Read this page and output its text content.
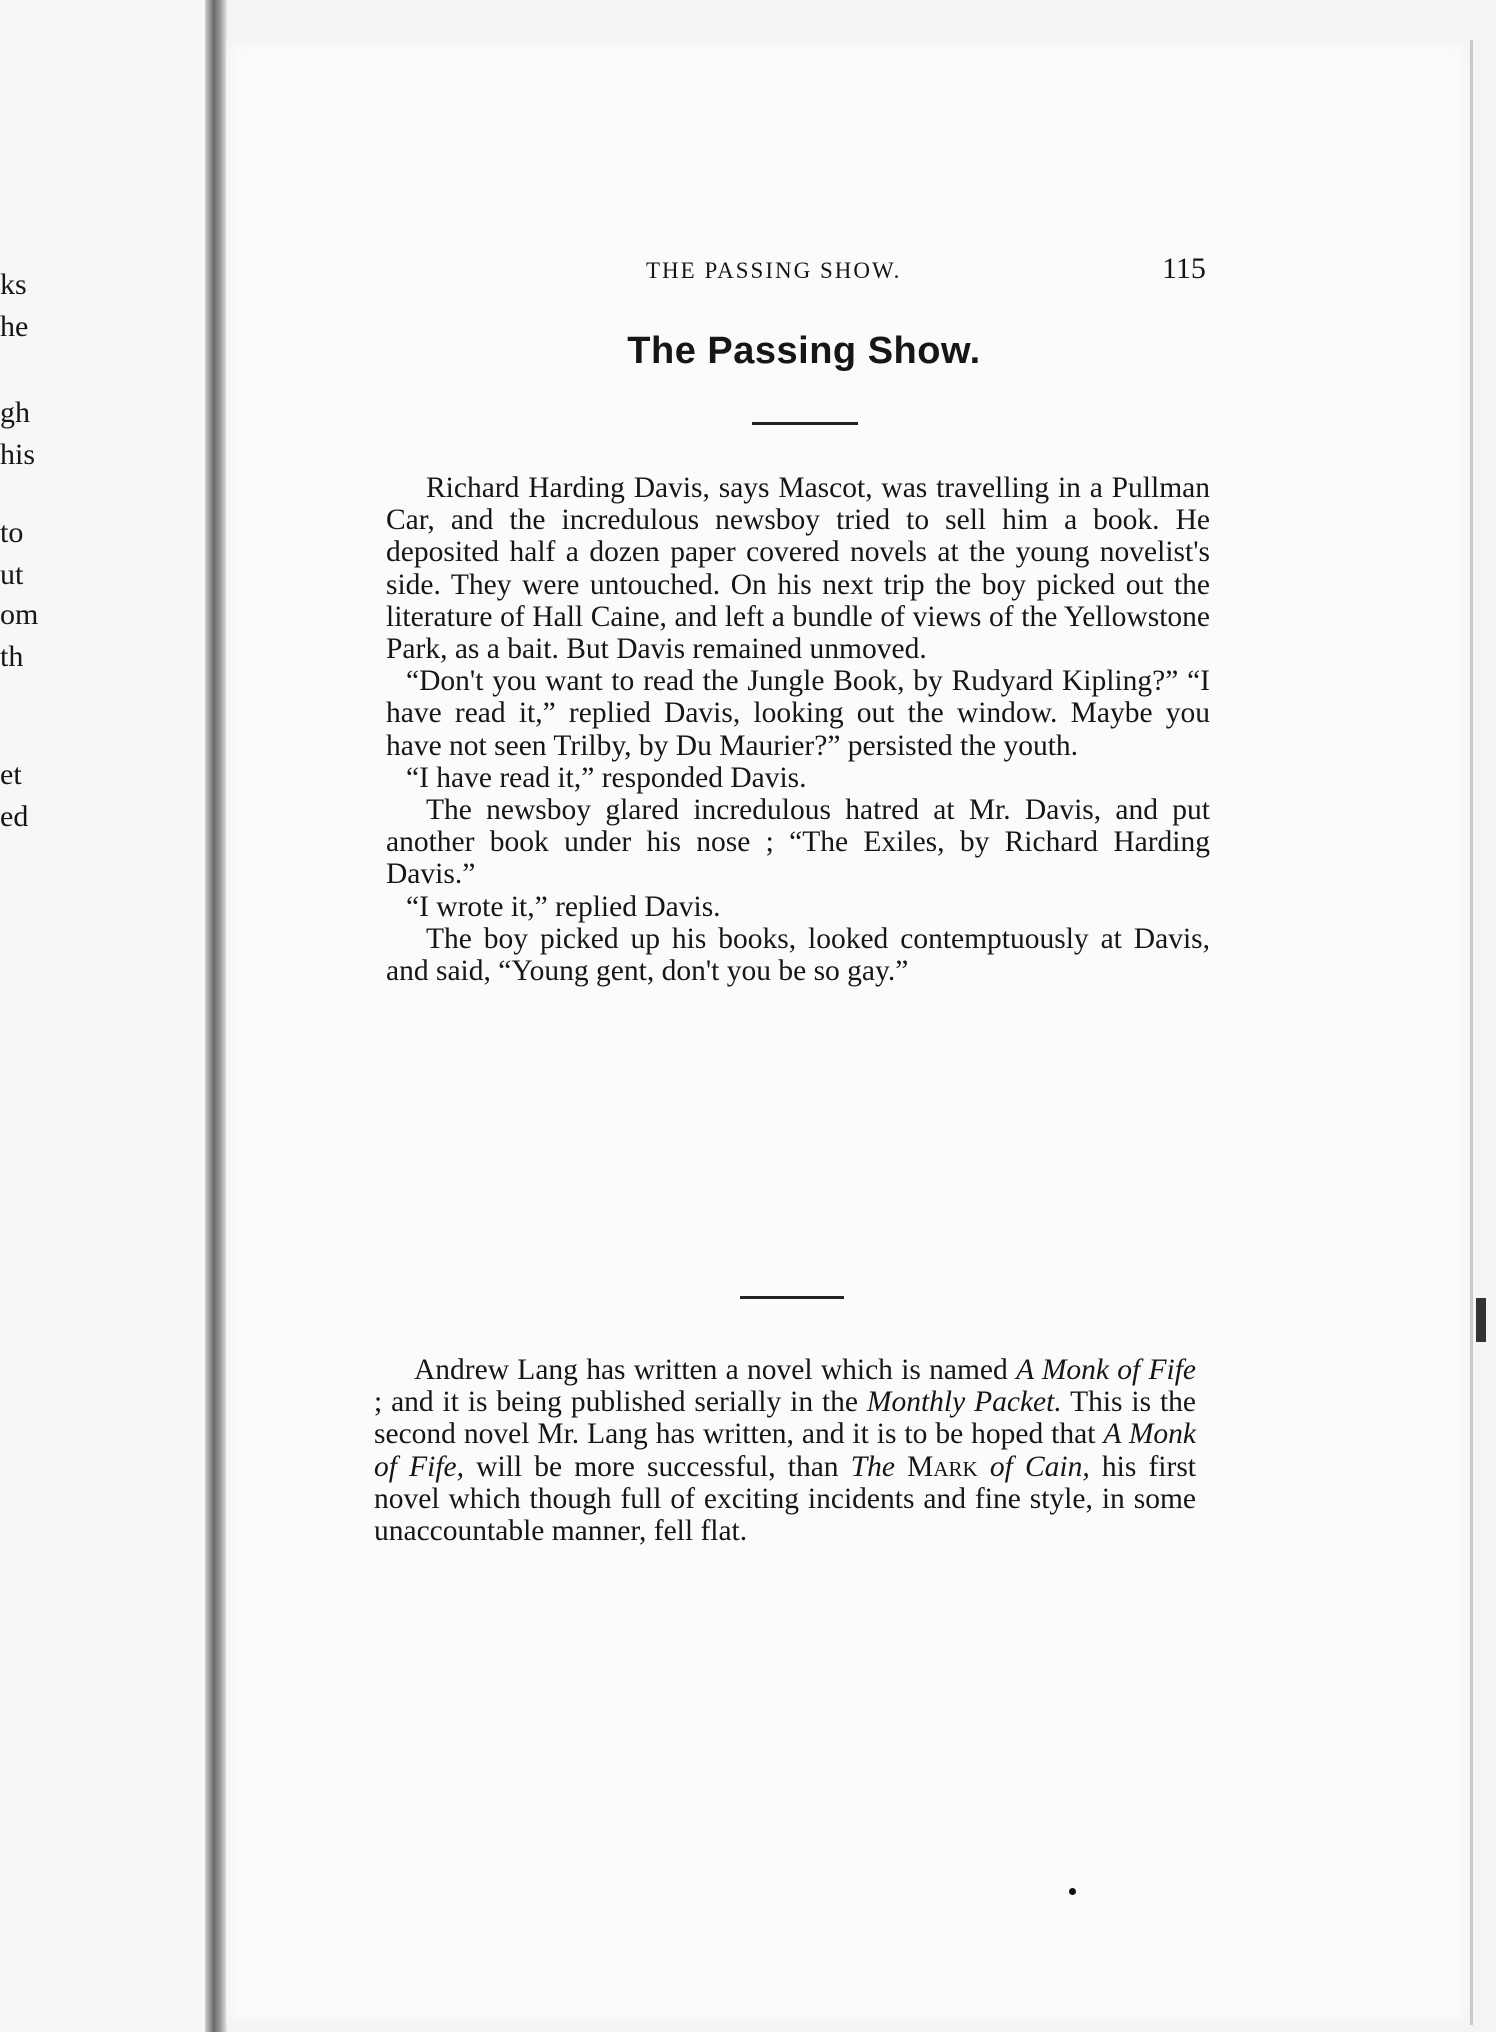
ks
he
gh
his
to
ut
om
th
et
ed
THE PASSING SHOW.	115
The Passing Show.

Richard Harding Davis, says Mascot, was travelling in a Pullman Car, and the incredulous newsboy tried to sell him a book. He deposited half a dozen paper covered novels at the young novelist's side. They were untouched. On his next trip the boy picked out the literature of Hall Caine, and left a bundle of views of the Yellowstone Park, as a bait. But Davis remained unmoved.

“Don't you want to read the Jungle Book, by Rudyard Kipling?” “I have read it,” replied Davis, looking out the window. Maybe you have not seen Trilby, by Du Maurier?” persisted the youth.

“I have read it,” responded Davis.

The newsboy glared incredulous hatred at Mr. Davis, and put another book under his nose ; “The Exiles, by Richard Harding Davis.”

“I wrote it,” replied Davis.

The boy picked up his books, looked contemptuously at Davis, and said, “Young gent, don't you be so gay.”

Andrew Lang has written a novel which is named A Monk of Fife ; and it is being published serially in the Monthly Packet. This is the second novel Mr. Lang has written, and it is to be hoped that A Monk of Fife, will be more successful, than The Mark of Cain, his first novel which though full of exciting incidents and fine style, in some unaccountable manner, fell flat.
